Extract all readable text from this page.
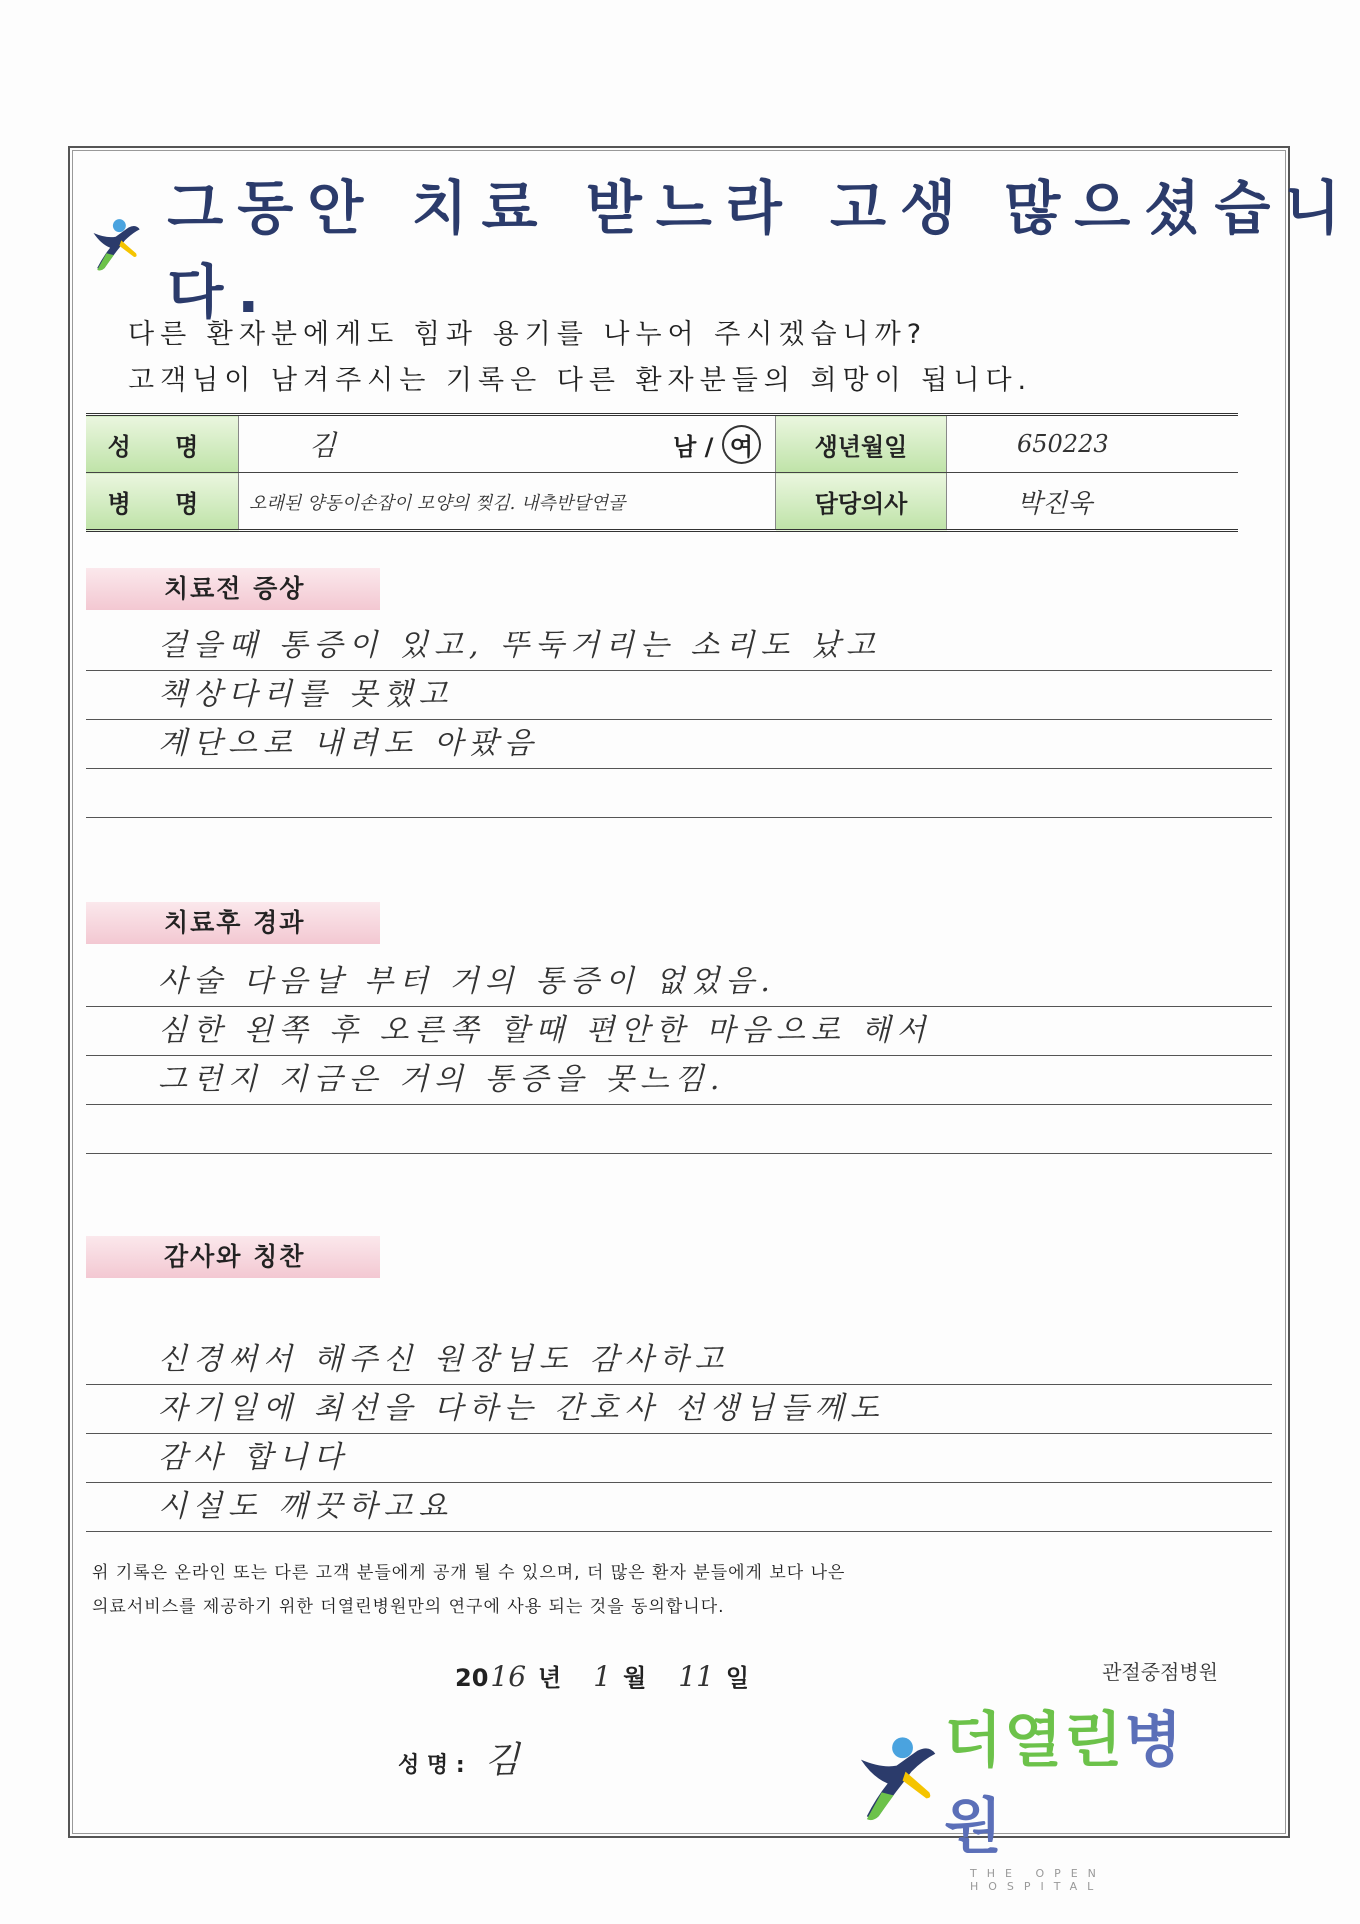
그동안 치료 받느라 고생 많으셨습니다.
다른 환자분에게도 힘과 용기를 나누어 주시겠습니까?
고객님이 남겨주시는 기록은 다른 환자분들의 희망이 됩니다.
성 명	김	남 / 여	생년월일	650223
병 명	오래된 양동이손잡이 모양의 찢김. 내측반달연골		담당의사	박진욱
치료전 증상
걸을때 통증이 있고, 뚜둑거리는 소리도 났고
책상다리를 못했고
계단으로 내려도 아팠음
치료후 경과
사술 다음날 부터 거의 통증이 없었음.
심한 왼쪽 후 오른쪽 할때 편안한 마음으로 해서
그런지 지금은 거의 통증을 못느낌.
감사와 칭찬
신경써서 해주신 원장님도 감사하고
자기일에 최선을 다하는 간호사 선생님들께도
감사 합니다
시설도 깨끗하고요
위 기록은 온라인 또는 다른 고객 분들에게 공개 될 수 있으며, 더 많은 환자 분들에게 보다 나은
의료서비스를 제공하기 위한 더열린병원만의 연구에 사용 되는 것을 동의합니다.
20 16 년 1 월 11 일
성 명 : 김
관절중점병원
더열린병원
THE OPEN HOSPITAL
